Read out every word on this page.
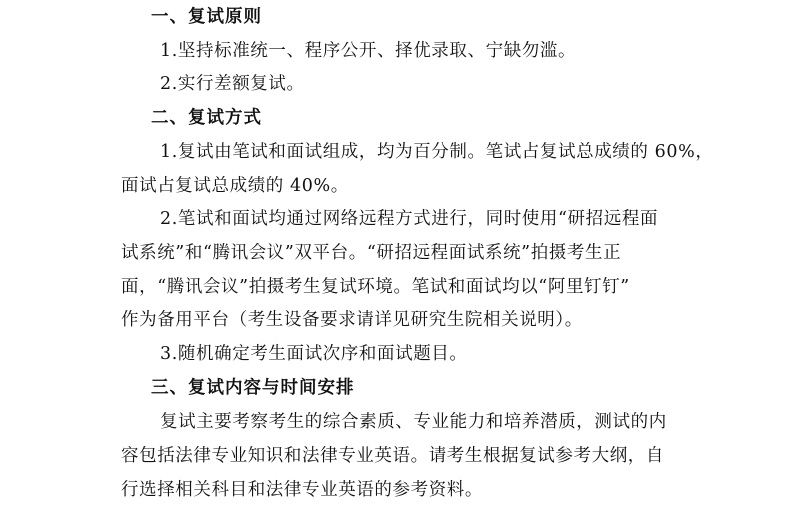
一、复试原则
1.坚持标准统一、程序公开、择优录取、宁缺勿滥。
2.实行差额复试。
二、复试方式
1.复试由笔试和面试组成，均为百分制。笔试占复试总成绩的 60%，
面试占复试总成绩的 40%。
2.笔试和面试均通过网络远程方式进行，同时使用“研招远程面
试系统”和“腾讯会议”双平台。“研招远程面试系统”拍摄考生正
面，“腾讯会议”拍摄考生复试环境。笔试和面试均以“阿里钉钉”
作为备用平台（考生设备要求请详见研究生院相关说明）。
3.随机确定考生面试次序和面试题目。
三、复试内容与时间安排
复试主要考察考生的综合素质、专业能力和培养潜质，测试的内
容包括法律专业知识和法律专业英语。请考生根据复试参考大纲，自
行选择相关科目和法律专业英语的参考资料。
